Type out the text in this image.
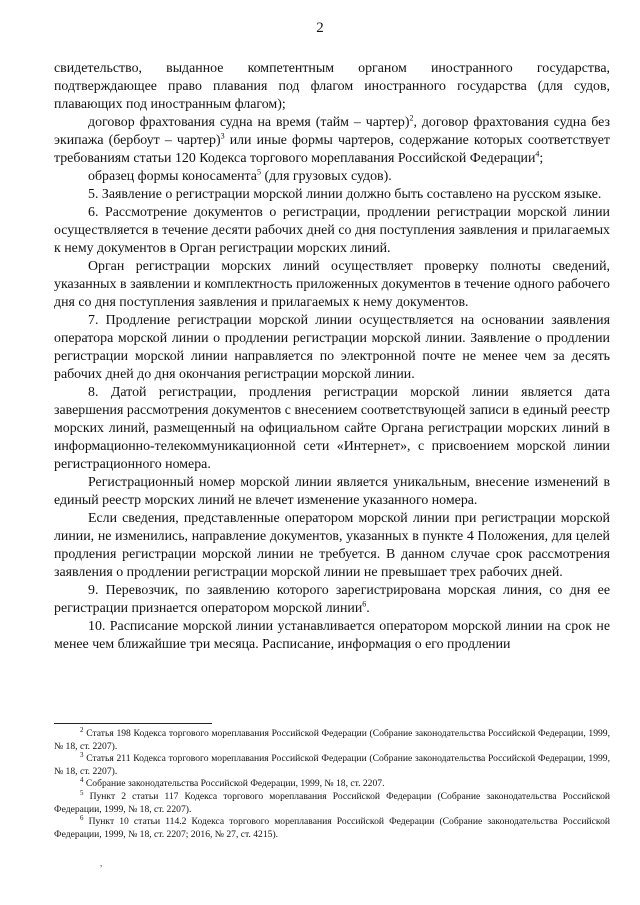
2

свидетельство, выданное компетентным органом иностранного государства, подтверждающее право плавания под флагом иностранного государства (для судов, плавающих под иностранным флагом);

договор фрахтования судна на время (тайм – чартер)$^2$, договор фрахтования судна без экипажа (бербоут – чартер)$^3$ или иные формы чартеров, содержание которых соответствует требованиям статьи 120 Кодекса торгового мореплавания Российской Федерации$^4$;

образец формы коносамента$^5$ (для грузовых судов).

5. Заявление о регистрации морской линии должно быть составлено на русском языке.

6. Рассмотрение документов о регистрации, продлении регистрации морской линии осуществляется в течение десяти рабочих дней со дня поступления заявления и прилагаемых к нему документов в Орган регистрации морских линий.

Орган регистрации морских линий осуществляет проверку полноты сведений, указанных в заявлении и комплектность приложенных документов в течение одного рабочего дня со дня поступления заявления и прилагаемых к нему документов.

7. Продление регистрации морской линии осуществляется на основании заявления оператора морской линии о продлении регистрации морской линии. Заявление о продлении регистрации морской линии направляется по электронной почте не менее чем за десять рабочих дней до дня окончания регистрации морской линии.

8. Датой регистрации, продления регистрации морской линии является дата завершения рассмотрения документов с внесением соответствующей записи в единый реестр морских линий, размещенный на официальном сайте Органа регистрации морских линий в информационно-телекоммуникационной сети «Интернет», с присвоением морской линии регистрационного номера.

Регистрационный номер морской линии является уникальным, внесение изменений в единый реестр морских линий не влечет изменение указанного номера.

Если сведения, представленные оператором морской линии при регистрации морской линии, не изменились, направление документов, указанных в пункте 4 Положения, для целей продления регистрации морской линии не требуется. В данном случае срок рассмотрения заявления о продлении регистрации морской линии не превышает трех рабочих дней.

9. Перевозчик, по заявлению которого зарегистрирована морская линия, со дня ее регистрации признается оператором морской линии$^6$.

10. Расписание морской линии устанавливается оператором морской линии на срок не менее чем ближайшие три месяца. Расписание, информация о его продлении

$^2$ Статья 198 Кодекса торгового мореплавания Российской Федерации (Собрание законодательства Российской Федерации, 1999, № 18, ст. 2207).

$^3$ Статья 211 Кодекса торгового мореплавания Российской Федерации (Собрание законодательства Российской Федерации, 1999, № 18, ст. 2207).

$^4$ Собрание законодательства Российской Федерации, 1999, № 18, ст. 2207.

$^5$ Пункт 2 статьи 117 Кодекса торгового мореплавания Российской Федерации (Собрание законодательства Российской Федерации, 1999, № 18, ст. 2207).

$^6$ Пункт 10 статьи 114.2 Кодекса торгового мореплавания Российской Федерации (Собрание законодательства Российской Федерации, 1999, № 18, ст. 2207; 2016, № 27, ст. 4215).

,
